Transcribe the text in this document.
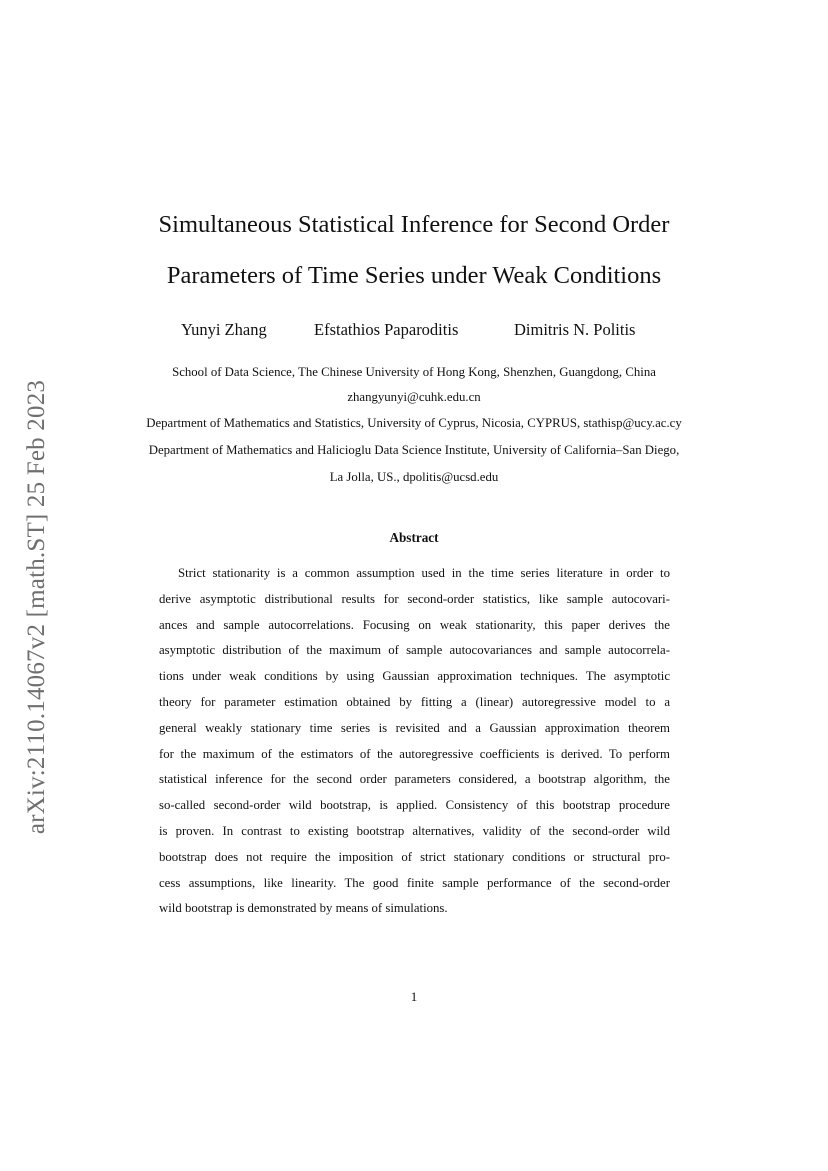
arXiv:2110.14067v2 [math.ST] 25 Feb 2023
Simultaneous Statistical Inference for Second Order
Parameters of Time Series under Weak Conditions
Yunyi Zhang	Efstathios Paparoditis	Dimitris N. Politis
School of Data Science, The Chinese University of Hong Kong, Shenzhen, Guangdong, China
zhangyunyi@cuhk.edu.cn
Department of Mathematics and Statistics, University of Cyprus, Nicosia, CYPRUS, stathisp@ucy.ac.cy
Department of Mathematics and Halicioglu Data Science Institute, University of California–San Diego,
La Jolla, US., dpolitis@ucsd.edu
Abstract
Strict stationarity is a common assumption used in the time series literature in order to
derive asymptotic distributional results for second-order statistics, like sample autocovari-
ances and sample autocorrelations. Focusing on weak stationarity, this paper derives the
asymptotic distribution of the maximum of sample autocovariances and sample autocorrela-
tions under weak conditions by using Gaussian approximation techniques. The asymptotic
theory for parameter estimation obtained by fitting a (linear) autoregressive model to a
general weakly stationary time series is revisited and a Gaussian approximation theorem
for the maximum of the estimators of the autoregressive coefficients is derived. To perform
statistical inference for the second order parameters considered, a bootstrap algorithm, the
so-called second-order wild bootstrap, is applied. Consistency of this bootstrap procedure
is proven. In contrast to existing bootstrap alternatives, validity of the second-order wild
bootstrap does not require the imposition of strict stationary conditions or structural pro-
cess assumptions, like linearity. The good finite sample performance of the second-order
wild bootstrap is demonstrated by means of simulations.
1
